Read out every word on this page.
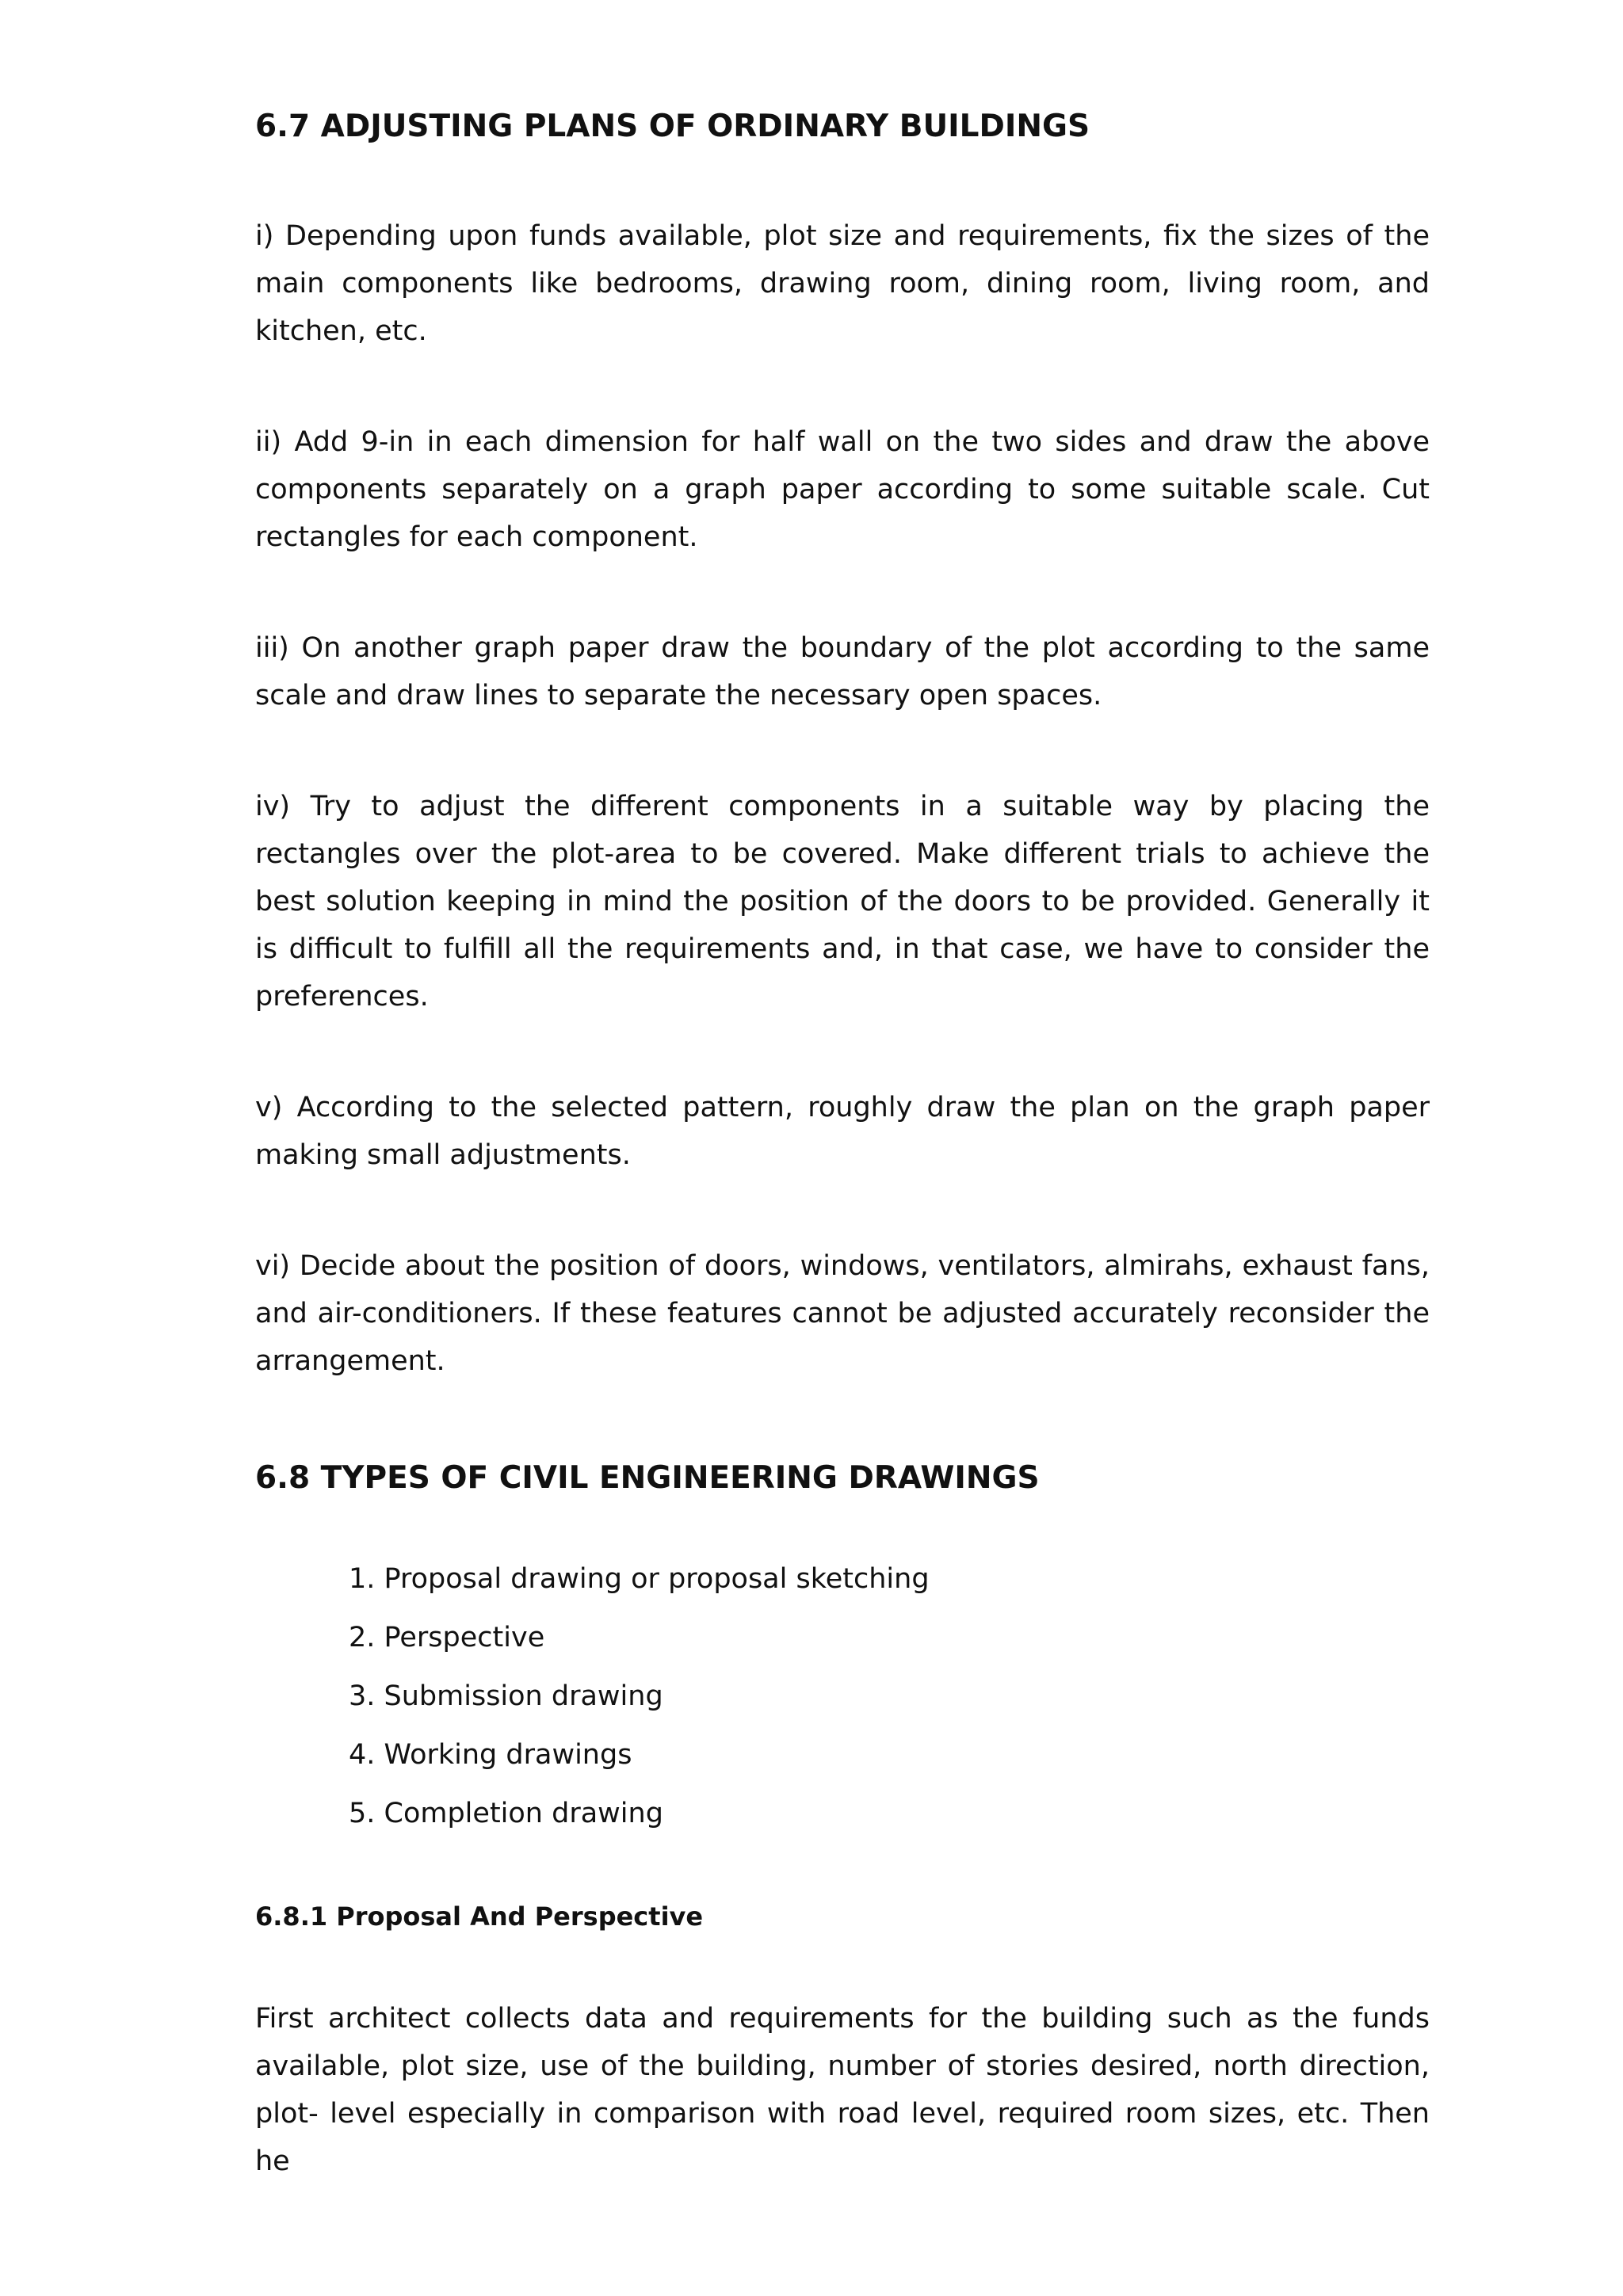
6.7 ADJUSTING PLANS OF ORDINARY BUILDINGS

i) Depending upon funds available, plot size and requirements, fix the sizes of the main components like bedrooms, drawing room, dining room, living room, and kitchen, etc.

ii) Add 9-in in each dimension for half wall on the two sides and draw the above components separately on a graph paper according to some suitable scale. Cut rectangles for each component.

iii) On another graph paper draw the boundary of the plot according to the same scale and draw lines to separate the necessary open spaces.

iv) Try to adjust the different components in a suitable way by placing the rectangles over the plot-area to be covered. Make different trials to achieve the best solution keeping in mind the position of the doors to be provided. Generally it is difficult to fulfill all the requirements and, in that case, we have to consider the preferences.

v) According to the selected pattern, roughly draw the plan on the graph paper making small adjustments.

vi) Decide about the position of doors, windows, ventilators, almirahs, exhaust fans, and air-conditioners. If these features cannot be adjusted accurately reconsider the arrangement.

6.8 TYPES OF CIVIL ENGINEERING DRAWINGS
1. Proposal drawing or proposal sketching
2. Perspective
3. Submission drawing
4. Working drawings
5. Completion drawing
6.8.1 Proposal And Perspective

First architect collects data and requirements for the building such as the funds available, plot size, use of the building, number of stories desired, north direction, plot- level especially in comparison with road level, required room sizes, etc. Then he
